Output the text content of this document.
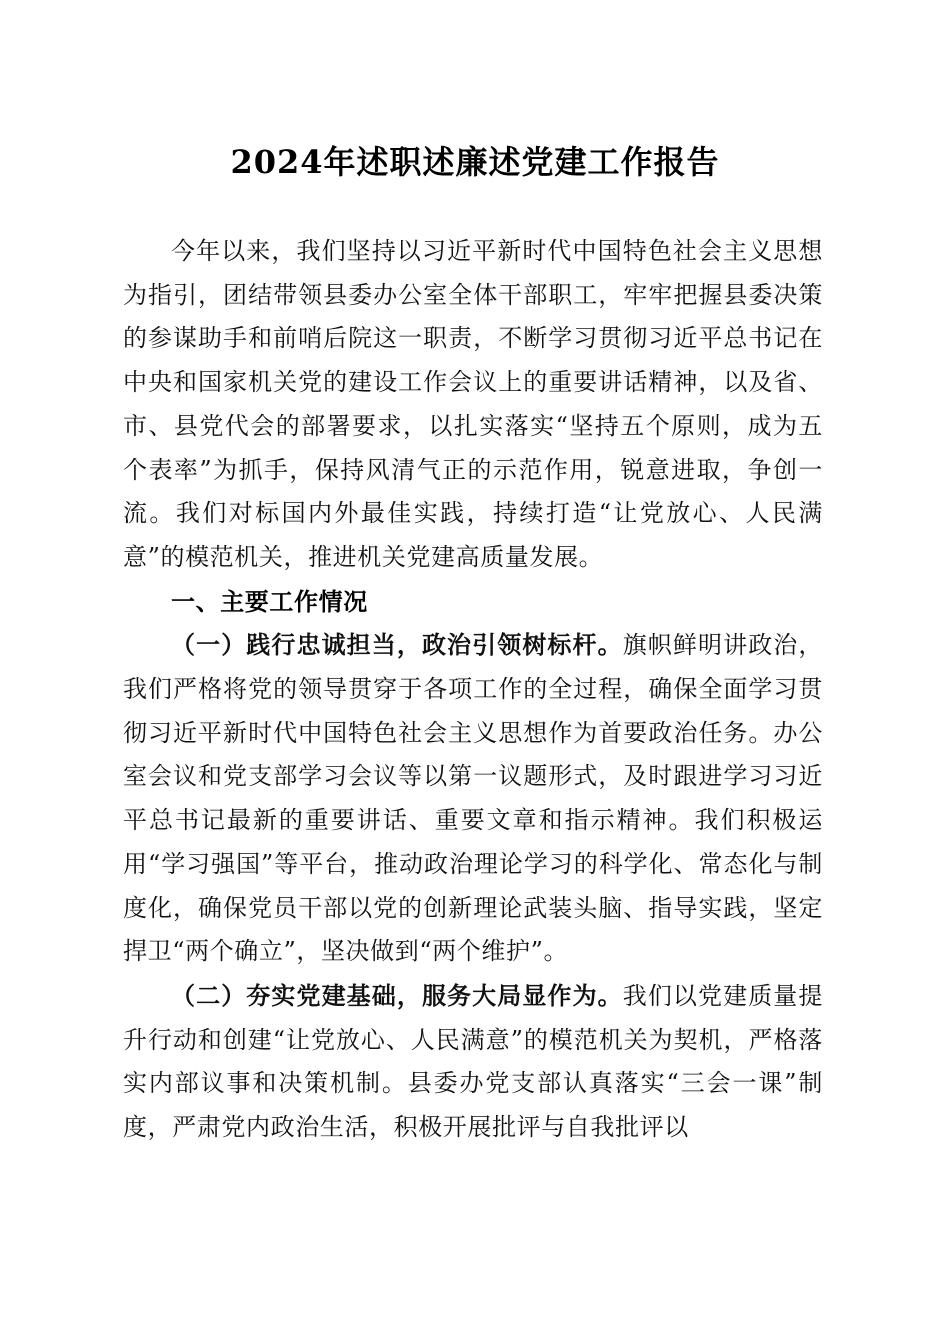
2024年述职述廉述党建工作报告

今年以来，我们坚持以习近平新时代中国特色社会主义思想为指引，团结带领县委办公室全体干部职工，牢牢把握县委决策的参谋助手和前哨后院这一职责，不断学习贯彻习近平总书记在中央和国家机关党的建设工作会议上的重要讲话精神，以及省、市、县党代会的部署要求，以扎实落实“坚持五个原则，成为五个表率”为抓手，保持风清气正的示范作用，锐意进取，争创一流。我们对标国内外最佳实践，持续打造“让党放心、人民满意”的模范机关，推进机关党建高质量发展。

一、主要工作情况

（一）践行忠诚担当，政治引领树标杆。旗帜鲜明讲政治，我们严格将党的领导贯穿于各项工作的全过程，确保全面学习贯彻习近平新时代中国特色社会主义思想作为首要政治任务。办公室会议和党支部学习会议等以第一议题形式，及时跟进学习习近平总书记最新的重要讲话、重要文章和指示精神。我们积极运用“学习强国”等平台，推动政治理论学习的科学化、常态化与制度化，确保党员干部以党的创新理论武装头脑、指导实践，坚定捍卫“两个确立”，坚决做到“两个维护”。

（二）夯实党建基础，服务大局显作为。我们以党建质量提升行动和创建“让党放心、人民满意”的模范机关为契机，严格落实内部议事和决策机制。县委办党支部认真落实“三会一课”制度，严肃党内政治生活，积极开展批评与自我批评以
